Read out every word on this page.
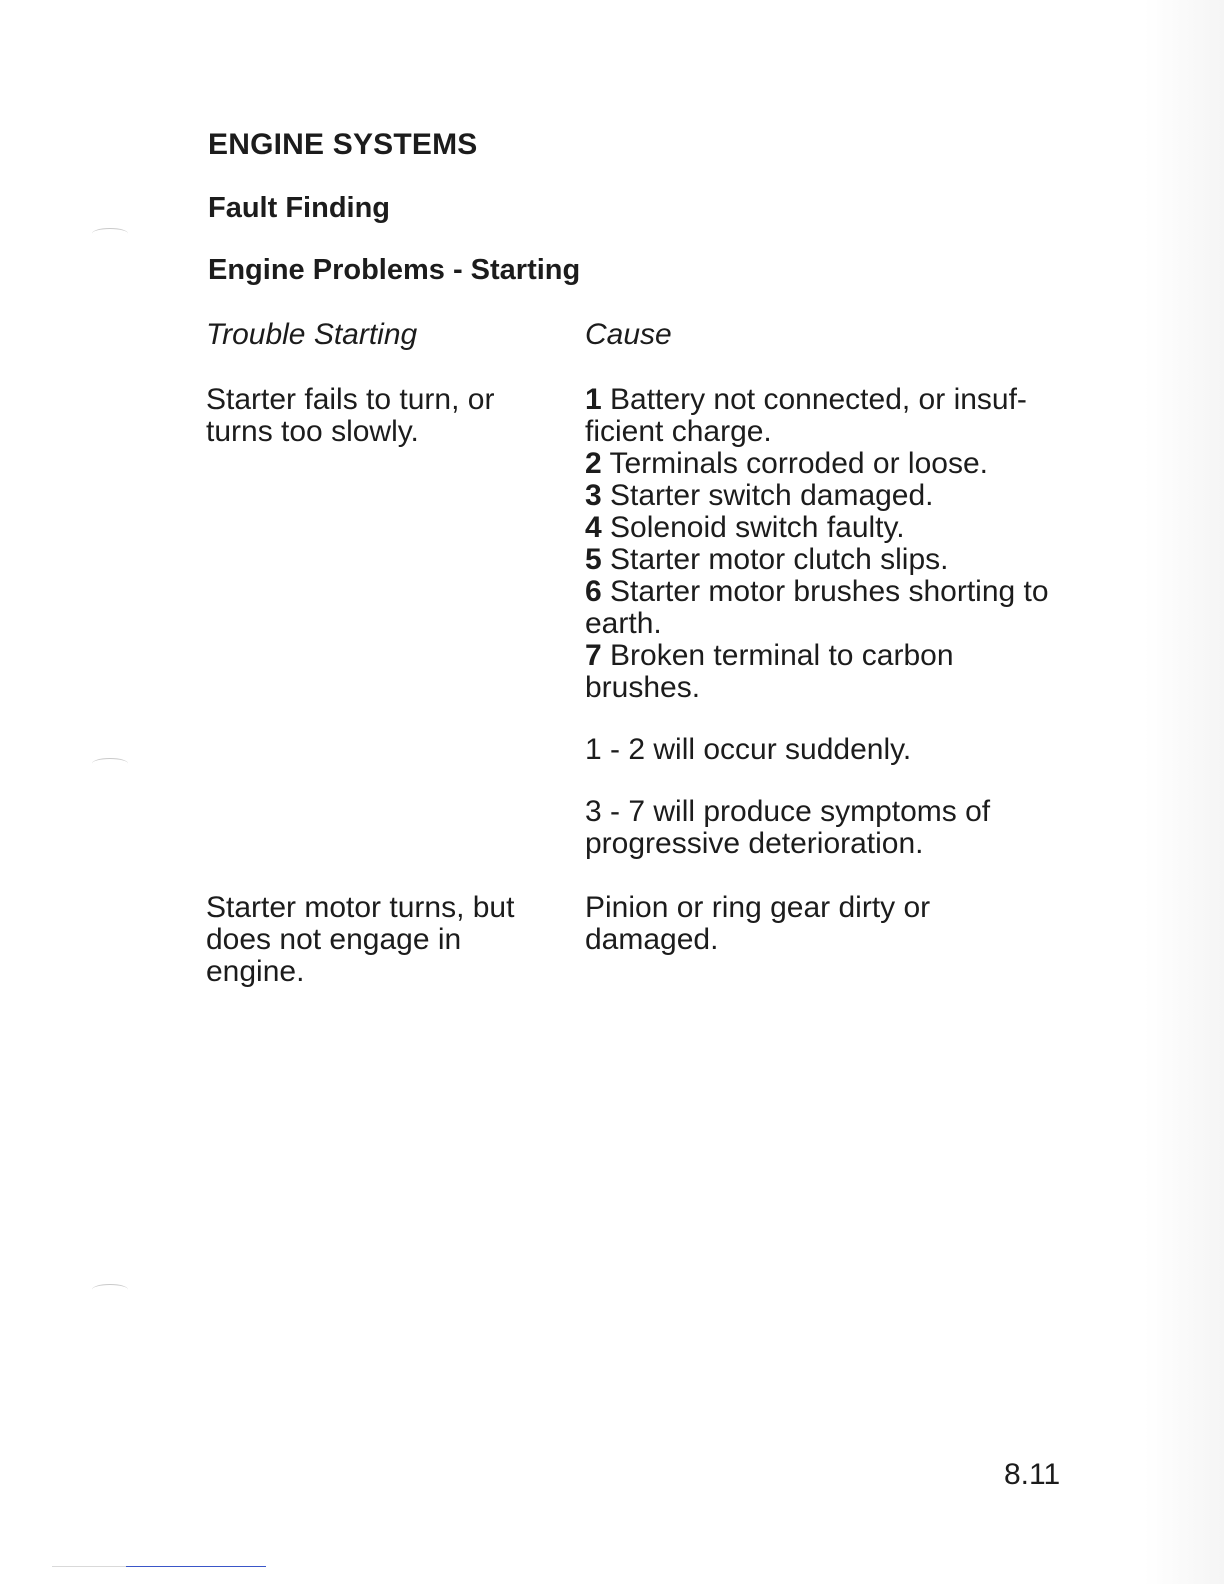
ENGINE SYSTEMS
Fault Finding
Engine Problems - Starting
Trouble Starting	Cause
Starter fails to turn, or turns too slowly.
1 Battery not connected, or insuf-ficient charge.
2 Terminals corroded or loose.
3 Starter switch damaged.
4 Solenoid switch faulty.
5 Starter motor clutch slips.
6 Starter motor brushes shorting to earth.
7 Broken terminal to carbon brushes.
1 - 2 will occur suddenly.
3 - 7 will produce symptoms of progressive deterioration.
Starter motor turns, but does not engage in engine.
Pinion or ring gear dirty or damaged.
8.11
